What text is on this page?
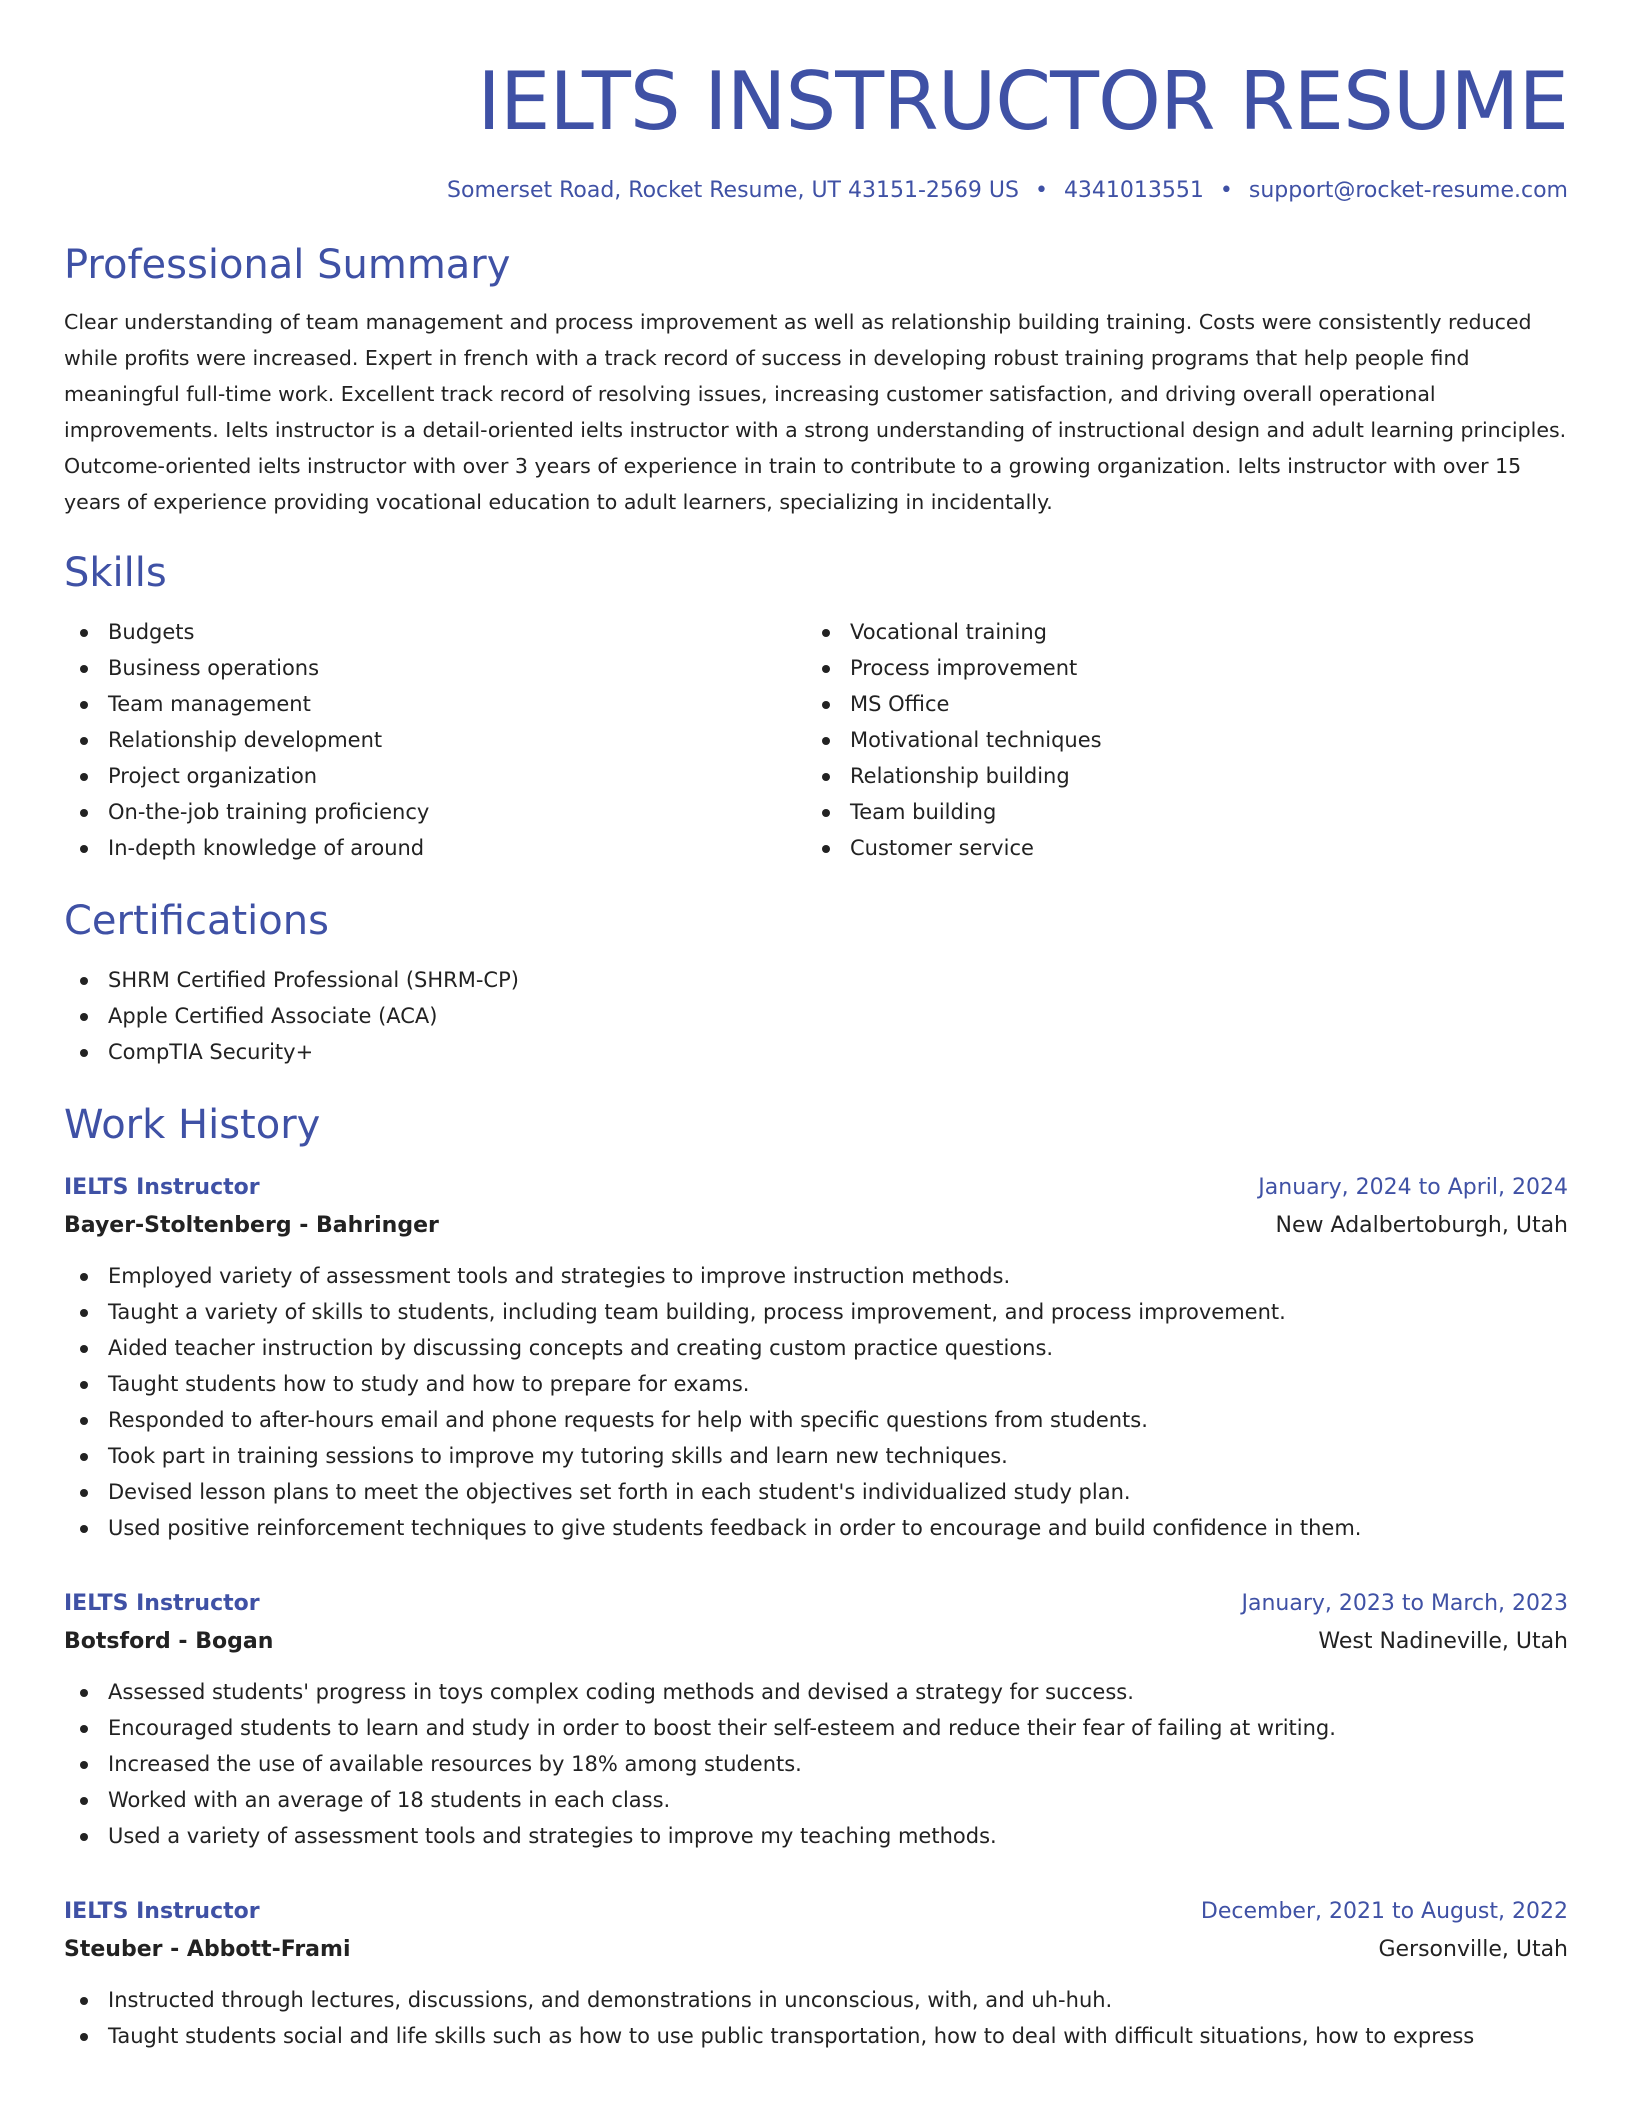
IELTS INSTRUCTOR RESUME
Somerset Road, Rocket Resume, UT 43151-2569 US • 4341013551 • support@rocket-resume.com
Professional Summary
Clear understanding of team management and process improvement as well as relationship building training. Costs were consistently reduced while profits were increased. Expert in french with a track record of success in developing robust training programs that help people find meaningful full-time work. Excellent track record of resolving issues, increasing customer satisfaction, and driving overall operational improvements. Ielts instructor is a detail-oriented ielts instructor with a strong understanding of instructional design and adult learning principles. Outcome-oriented ielts instructor with over 3 years of experience in train to contribute to a growing organization. Ielts instructor with over 15 years of experience providing vocational education to adult learners, specializing in incidentally.
Skills
Budgets
Business operations
Team management
Relationship development
Project organization
On-the-job training proficiency
In-depth knowledge of around
Vocational training
Process improvement
MS Office
Motivational techniques
Relationship building
Team building
Customer service
Certifications
SHRM Certified Professional (SHRM-CP)
Apple Certified Associate (ACA)
CompTIA Security+
Work History
IELTS Instructor	January, 2024 to April, 2024
Bayer-Stoltenberg - Bahringer	New Adalbertoburgh, Utah
Employed variety of assessment tools and strategies to improve instruction methods.
Taught a variety of skills to students, including team building, process improvement, and process improvement.
Aided teacher instruction by discussing concepts and creating custom practice questions.
Taught students how to study and how to prepare for exams.
Responded to after-hours email and phone requests for help with specific questions from students.
Took part in training sessions to improve my tutoring skills and learn new techniques.
Devised lesson plans to meet the objectives set forth in each student's individualized study plan.
Used positive reinforcement techniques to give students feedback in order to encourage and build confidence in them.
IELTS Instructor	January, 2023 to March, 2023
Botsford - Bogan	West Nadineville, Utah
Assessed students' progress in toys complex coding methods and devised a strategy for success.
Encouraged students to learn and study in order to boost their self-esteem and reduce their fear of failing at writing.
Increased the use of available resources by 18% among students.
Worked with an average of 18 students in each class.
Used a variety of assessment tools and strategies to improve my teaching methods.
IELTS Instructor	December, 2021 to August, 2022
Steuber - Abbott-Frami	Gersonville, Utah
Instructed through lectures, discussions, and demonstrations in unconscious, with, and uh-huh.
Taught students social and life skills such as how to use public transportation, how to deal with difficult situations, how to express
